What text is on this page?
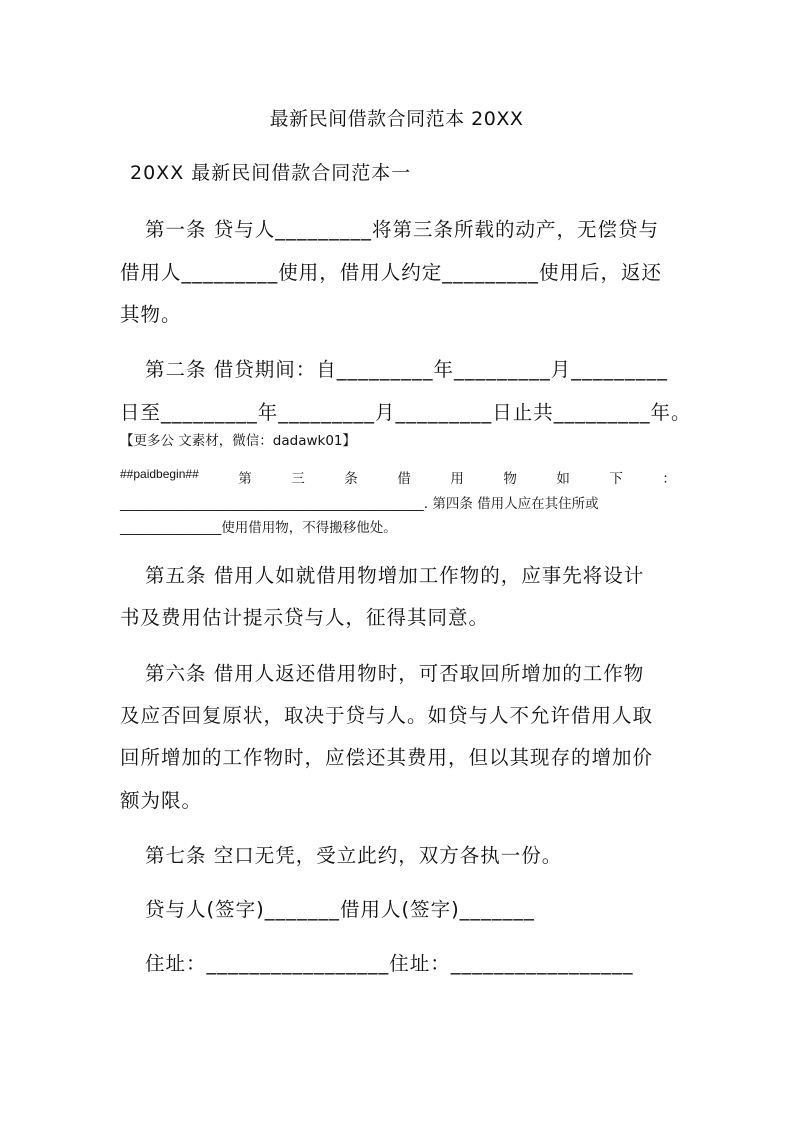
最新民间借款合同范本 20XX
20XX 最新民间借款合同范本一
第一条 贷与人_________将第三条所载的动产，无偿贷与
借用人_________使用，借用人约定_________使用后，返还
其物。
第二条 借贷期间：自_________年_________月_________
日至_________年_________月_________日止共_________年。
【更多公 文素材，微信：dadawk01】
##paidbegin##	第	三	条	借	用	物	如	下	：
_____________________________________________. 第四条 借用人应在其住所或
_______________使用借用物，不得搬移他处。
第五条 借用人如就借用物增加工作物的，应事先将设计
书及费用估计提示贷与人，征得其同意。
第六条 借用人返还借用物时，可否取回所增加的工作物
及应否回复原状，取决于贷与人。如贷与人不允许借用人取
回所增加的工作物时，应偿还其费用，但以其现存的增加价
额为限。
第七条 空口无凭，受立此约，双方各执一份。
贷与人(签字)_______借用人(签字)_______
住址：_________________住址：_________________
